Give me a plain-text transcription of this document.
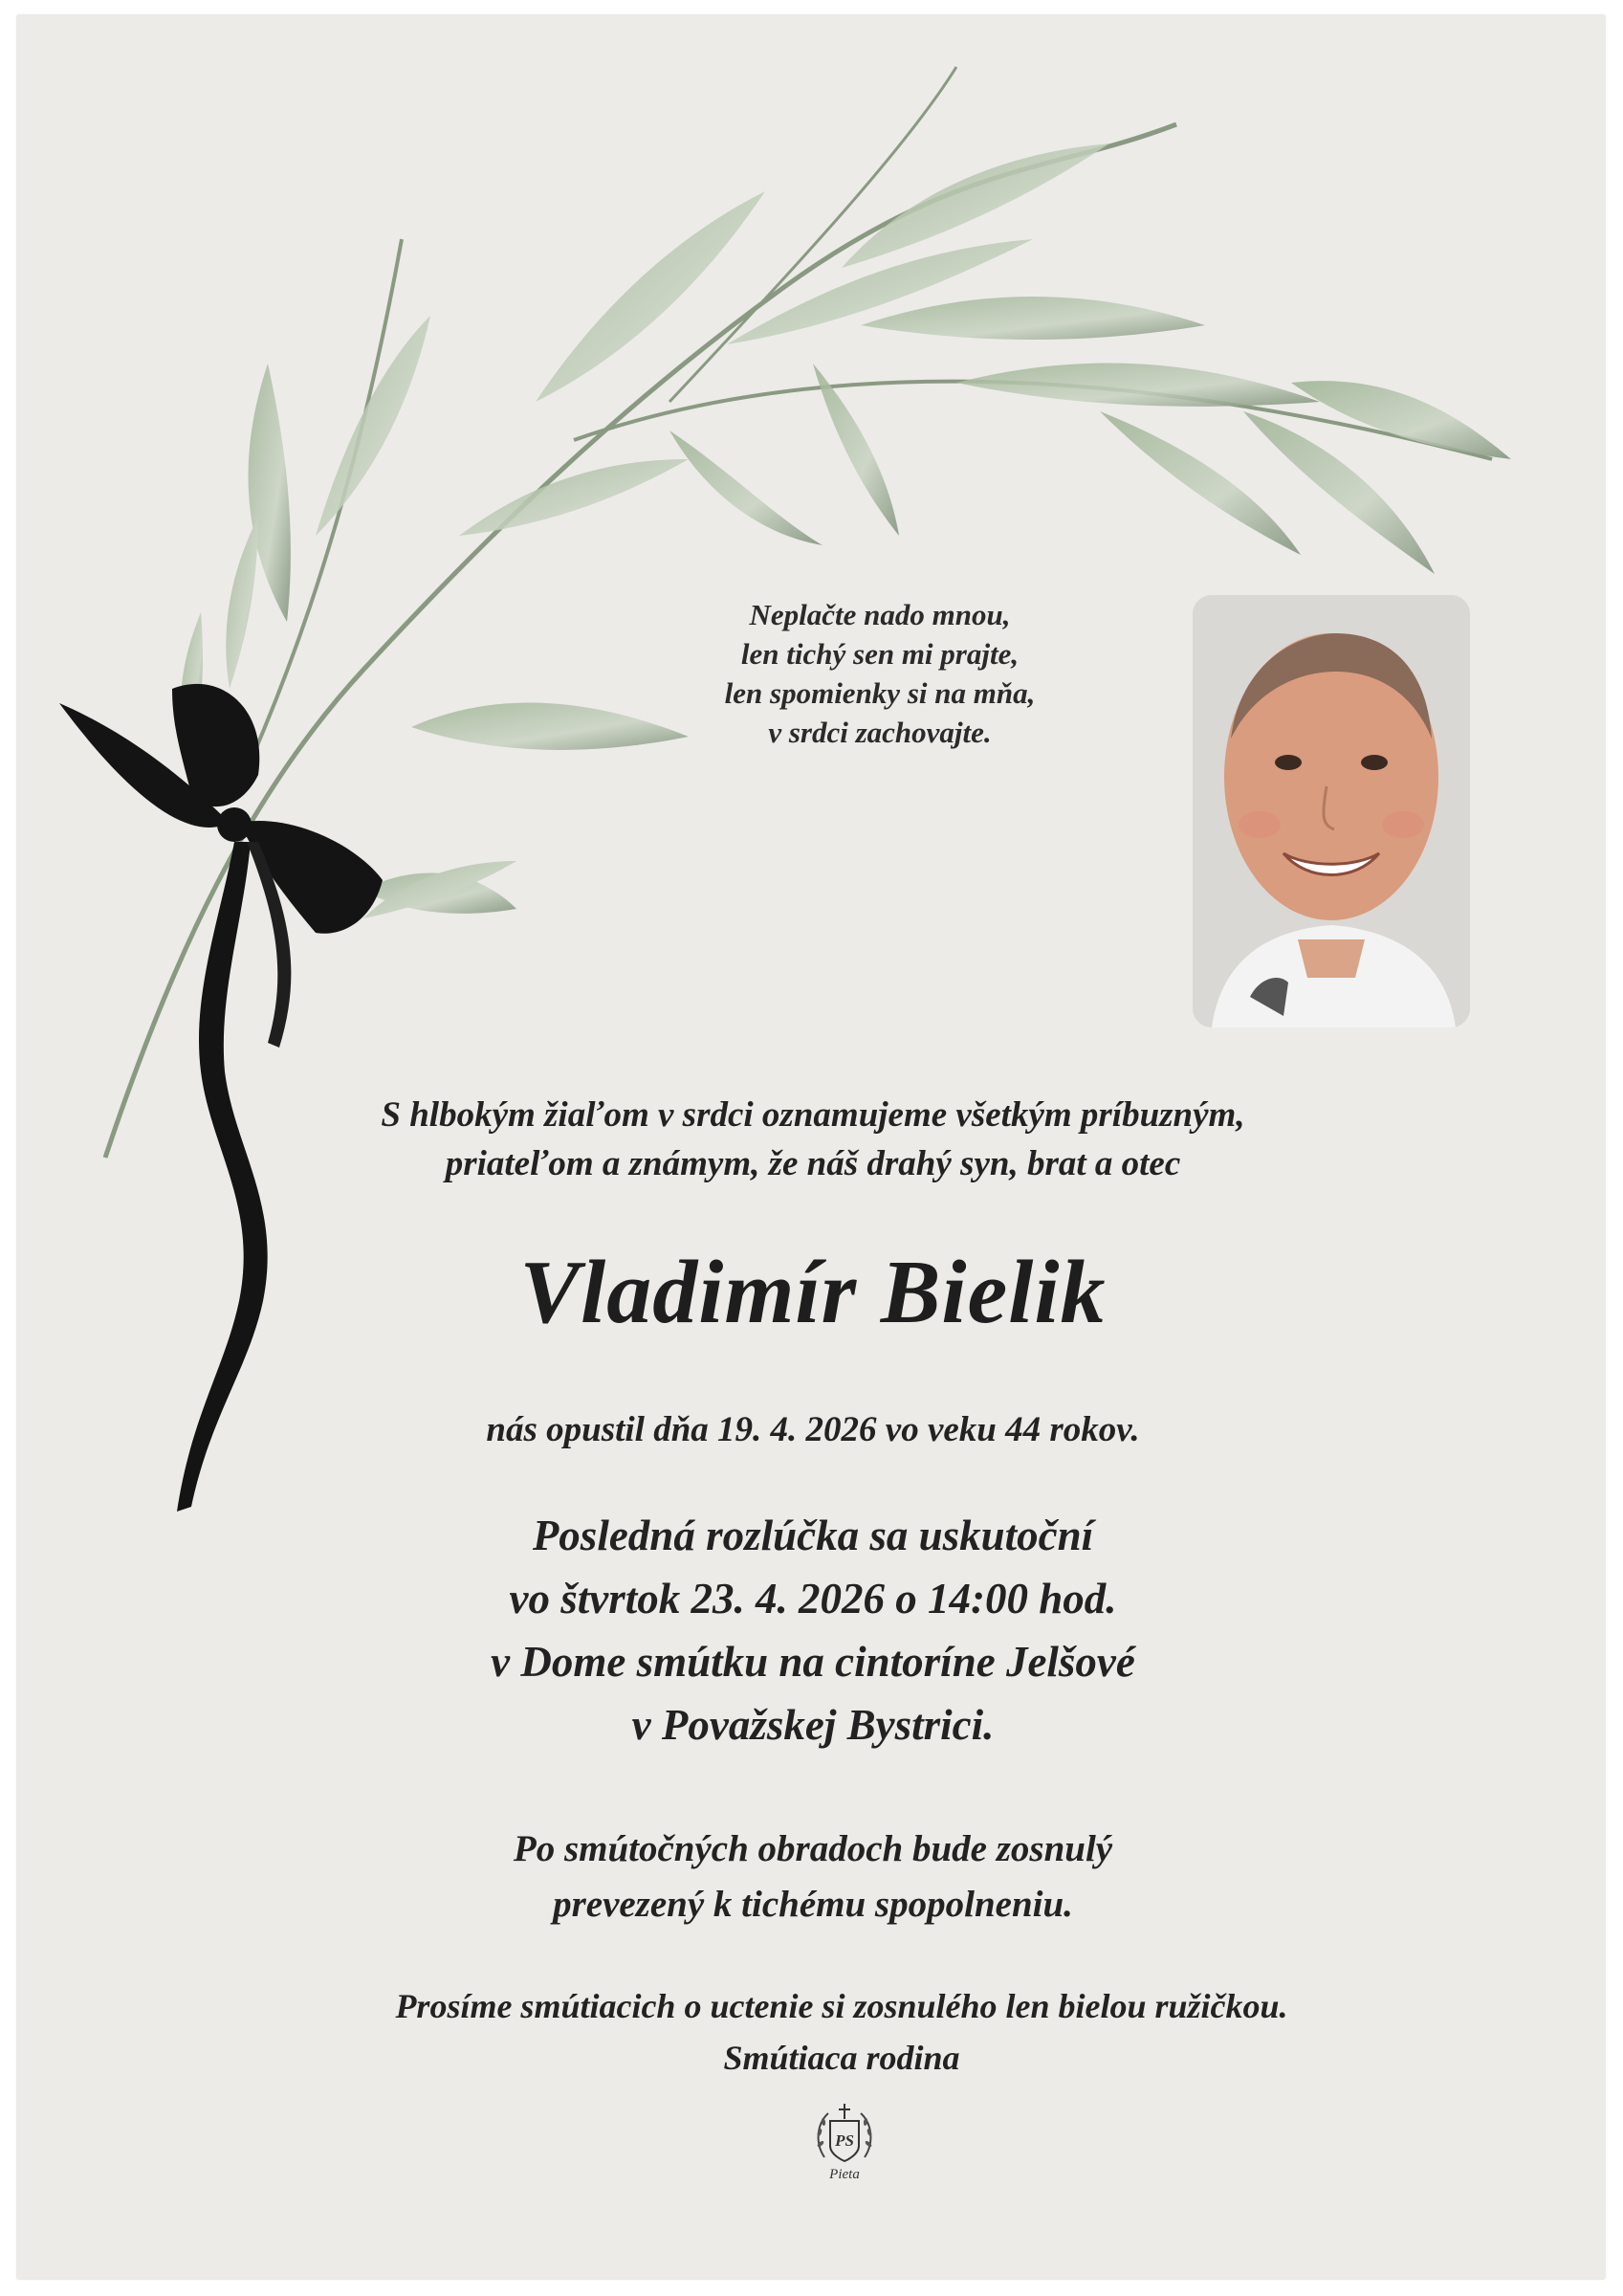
Neplačte nado mnou,
len tichý sen mi prajte,
len spomienky si na mňa,
v srdci zachovajte.
S hlbokým žiaľom v srdci oznamujeme všetkým príbuzným,
priateľom a známym, že náš drahý syn, brat a otec
Vladimír Bielik
nás opustil dňa 19. 4. 2026 vo veku 44 rokov.
Posledná rozlúčka sa uskutoční
vo štvrtok 23. 4. 2026 o 14:00 hod.
v Dome smútku na cintoríne Jelšové
v Považskej Bystrici.
Po smútočných obradoch bude zosnulý
prevezený k tichému spopolneniu.
Prosíme smútiacich o uctenie si zosnulého len bielou ružičkou.
Smútiaca rodina
PS
Pieta
